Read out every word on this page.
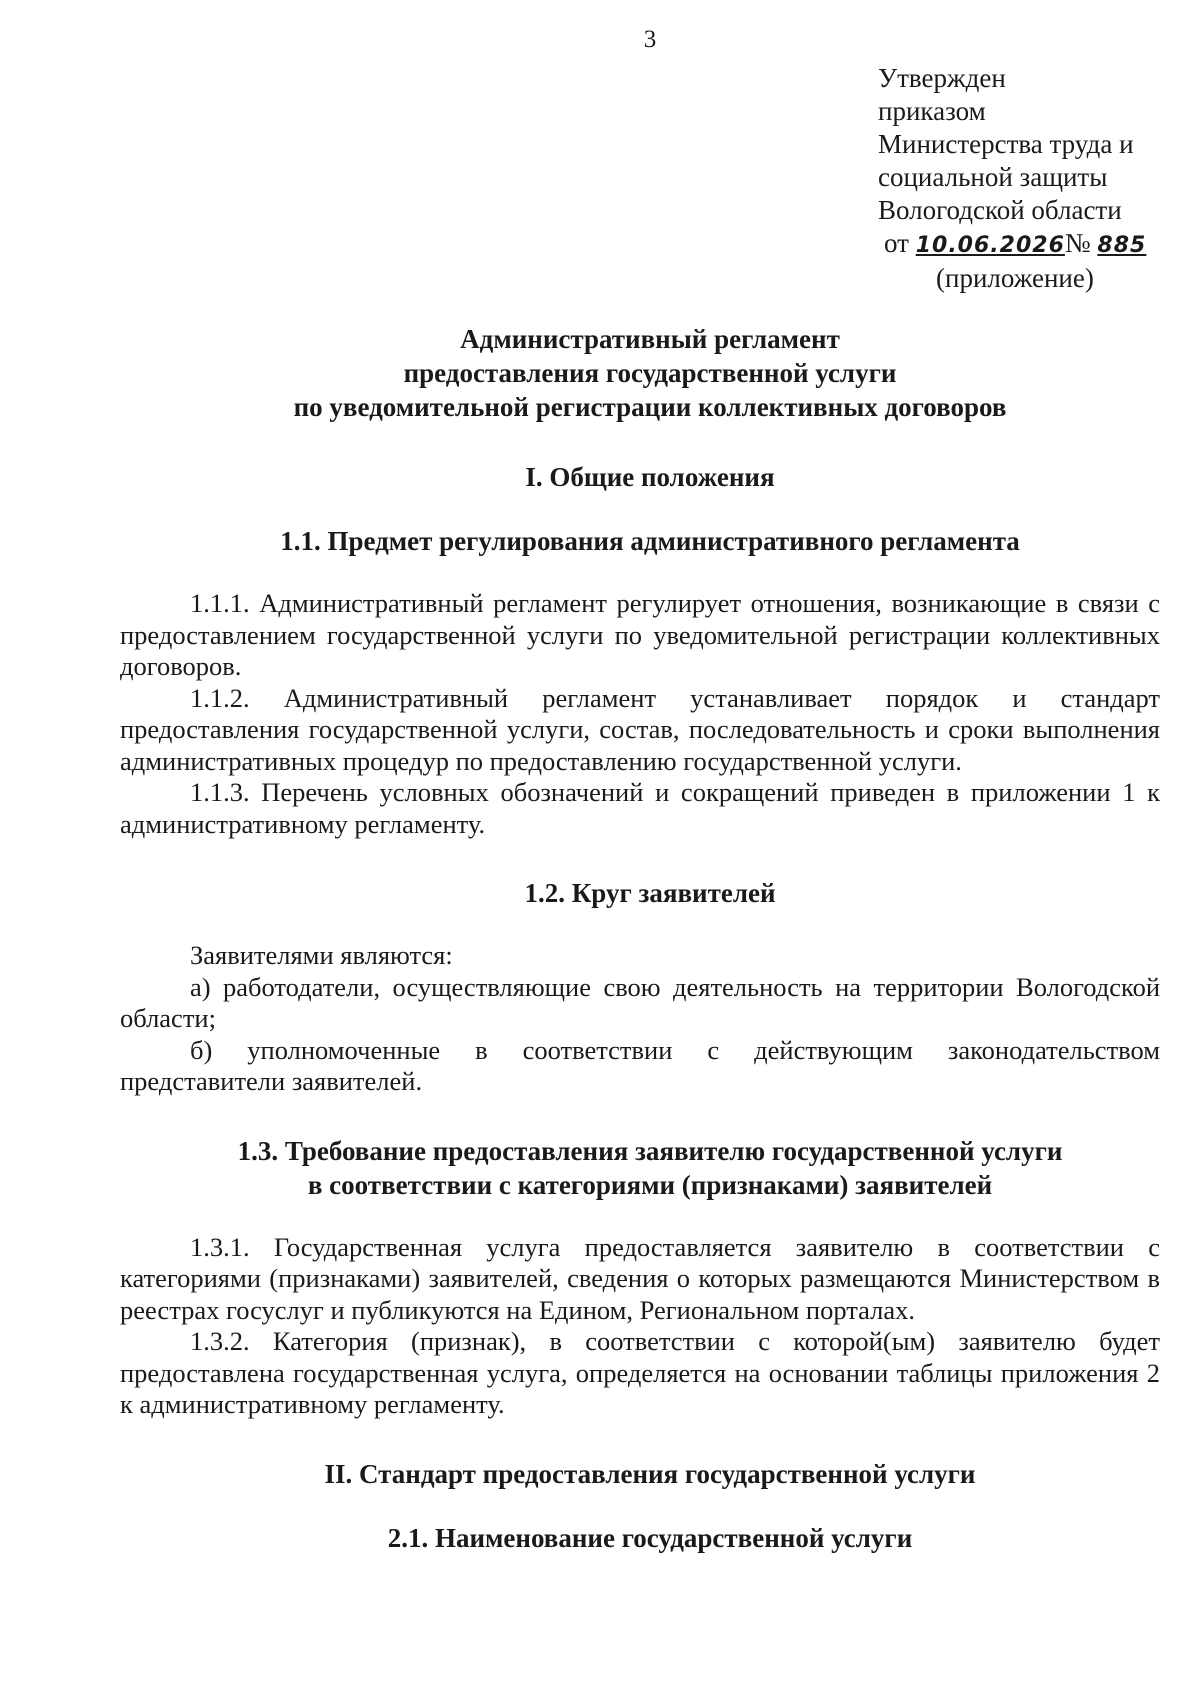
3
Утвержден
приказом
Министерства труда и
социальной защиты
Вологодской области
от 10.06.2026№ 885
(приложение)
Административный регламент
предоставления государственной услуги
по уведомительной регистрации коллективных договоров
I. Общие положения
1.1. Предмет регулирования административного регламента

1.1.1. Административный регламент регулирует отношения, возникающие в связи с предоставлением государственной услуги по уведомительной регистрации коллективных договоров.

1.1.2. Административный регламент устанавливает порядок и стандарт предоставления государственной услуги, состав, последовательность и сроки выполнения административных процедур по предоставлению государственной услуги.

1.1.3. Перечень условных обозначений и сокращений приведен в приложении 1 к административному регламенту.

1.2. Круг заявителей

Заявителями являются:

а) работодатели, осуществляющие свою деятельность на территории Вологодской области;

б) уполномоченные в соответствии с действующим законодательством представители заявителей.

1.3. Требование предоставления заявителю государственной услуги
в соответствии с категориями (признаками) заявителей

1.3.1. Государственная услуга предоставляется заявителю в соответствии с категориями (признаками) заявителей, сведения о которых размещаются Министерством в реестрах госуслуг и публикуются на Едином, Региональном порталах.

1.3.2. Категория (признак), в соответствии с которой(ым) заявителю будет предоставлена государственная услуга, определяется на основании таблицы приложения 2 к административному регламенту.

II. Стандарт предоставления государственной услуги
2.1. Наименование государственной услуги
